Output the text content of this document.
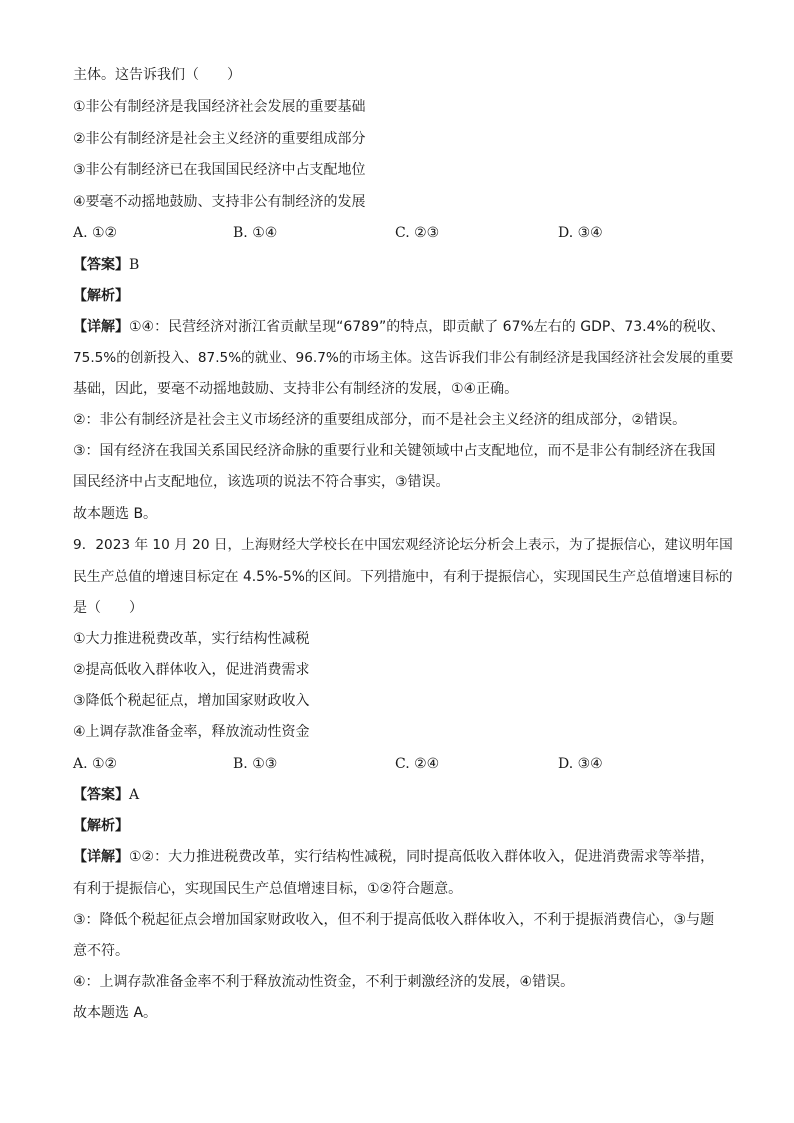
主体。这告诉我们（　　）
①非公有制经济是我国经济社会发展的重要基础
②非公有制经济是社会主义经济的重要组成部分
③非公有制经济已在我国国民经济中占支配地位
④要毫不动摇地鼓励、支持非公有制经济的发展
A. ①②	B. ①④	C. ②③	D. ③④
【答案】B
【解析】
【详解】①④：民营经济对浙江省贡献呈现“6789”的特点，即贡献了 67%左右的 GDP、73.4%的税收、
75.5%的创新投入、87.5%的就业、96.7%的市场主体。这告诉我们非公有制经济是我国经济社会发展的重要
基础，因此，要毫不动摇地鼓励、支持非公有制经济的发展，①④正确。
②：非公有制经济是社会主义市场经济的重要组成部分，而不是社会主义经济的组成部分，②错误。
③：国有经济在我国关系国民经济命脉的重要行业和关键领域中占支配地位，而不是非公有制经济在我国
国民经济中占支配地位，该选项的说法不符合事实，③错误。
故本题选 B。
9．2023 年 10 月 20 日，上海财经大学校长在中国宏观经济论坛分析会上表示，为了提振信心，建议明年国
民生产总值的增速目标定在 4.5%-5%的区间。下列措施中，有利于提振信心，实现国民生产总值增速目标的
是（　　）
①大力推进税费改革，实行结构性减税
②提高低收入群体收入，促进消费需求
③降低个税起征点，增加国家财政收入
④上调存款准备金率，释放流动性资金
A. ①②	B. ①③	C. ②④	D. ③④
【答案】A
【解析】
【详解】①②：大力推进税费改革，实行结构性减税，同时提高低收入群体收入，促进消费需求等举措，
有利于提振信心，实现国民生产总值增速目标，①②符合题意。
③：降低个税起征点会增加国家财政收入，但不利于提高低收入群体收入，不利于提振消费信心，③与题
意不符。
④：上调存款准备金率不利于释放流动性资金，不利于刺激经济的发展，④错误。
故本题选 A。
